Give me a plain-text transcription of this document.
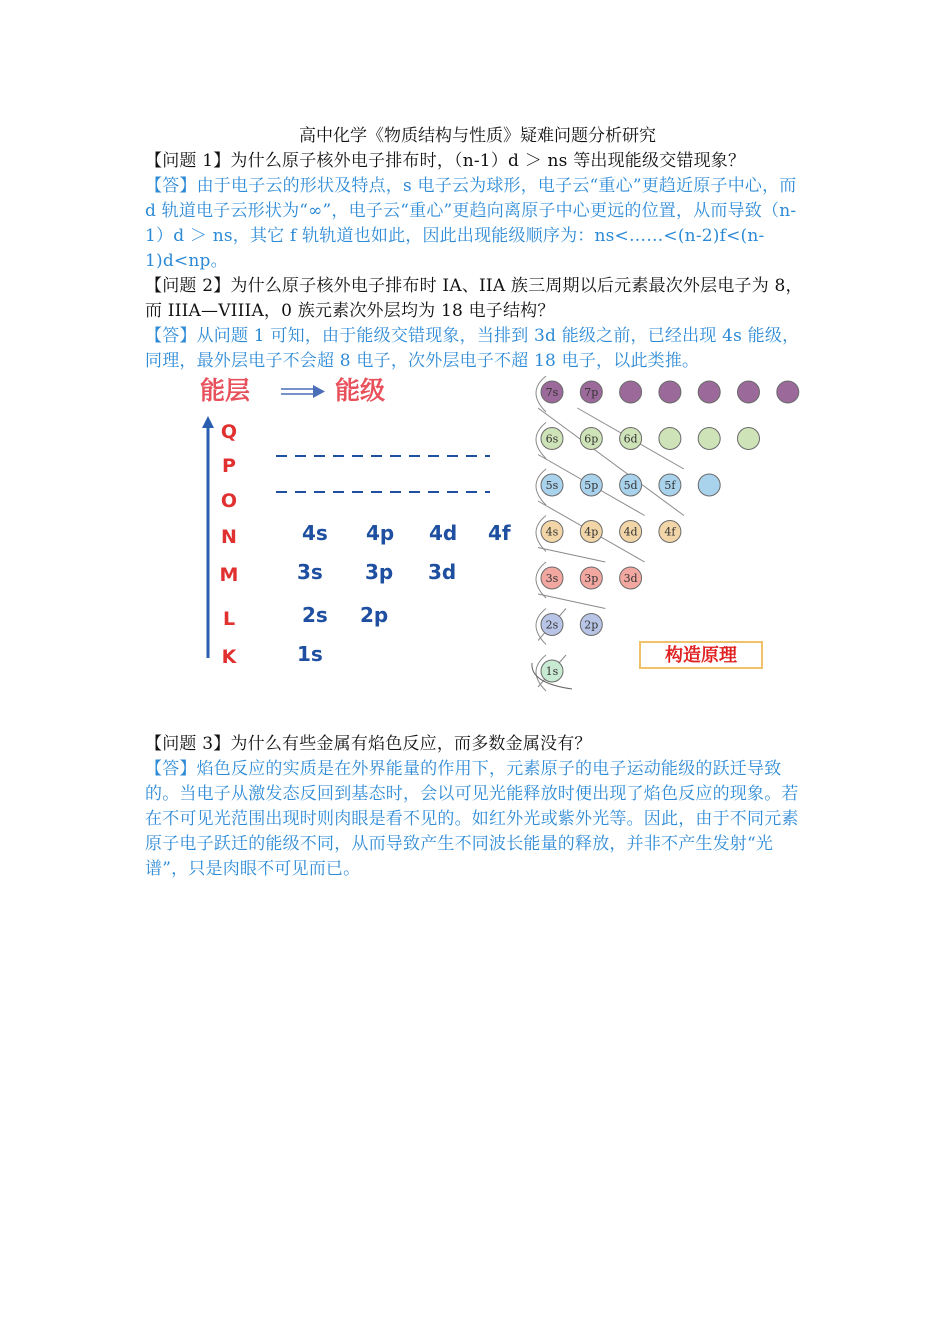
高中化学《物质结构与性质》疑难问题分析研究

【问题 1】为什么原子核外电子排布时，（n-1）d ＞ ns 等出现能级交错现象？

【答】由于电子云的形状及特点，s 电子云为球形，电子云“重心”更趋近原子中心，而 d 轨道电子云形状为“∞”，电子云“重心”更趋向离原子中心更远的位置，从而导致（n-1）d ＞ ns，其它 f 轨轨道也如此，因此出现能级顺序为：ns<……<(n-2)f<(n-1)d<np。

【问题 2】为什么原子核外电子排布时 IA、IIA 族三周期以后元素最次外层电子为 8，而 IIIA—VIIIA，0 族元素次外层均为 18 电子结构？

【答】从问题 1 可知，由于能级交错现象，当排到 3d 能级之前，已经出现 4s 能级，同理，最外层电子不会超 8 电子，次外层电子不超 18 电子，以此类推。

能层	能级
Q
P
O
N
M
L
K
4s 4p 4d 4f
3s 3p 3d
2s 2p
1s
7s 7p
6s 6p 6d
5s 5p 5d 5f
4s 4p 4d 4f
3s 3p 3d
2s 2p
1s
构造原理

【问题 3】为什么有些金属有焰色反应，而多数金属没有？

【答】焰色反应的实质是在外界能量的作用下，元素原子的电子运动能级的跃迁导致的。当电子从激发态反回到基态时，会以可见光能释放时便出现了焰色反应的现象。若在不可见光范围出现时则肉眼是看不见的。如红外光或紫外光等。因此，由于不同元素原子电子跃迁的能级不同，从而导致产生不同波长能量的释放，并非不产生发射“光谱”，只是肉眼不可见而已。
